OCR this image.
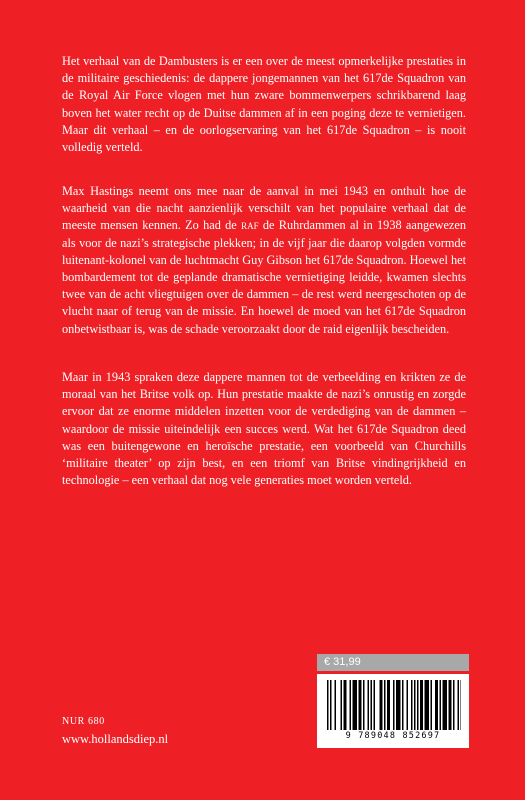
Het verhaal van de Dambusters is er een over de meest opmerkelijke prestaties in de militaire geschiedenis: de dappere jongemannen van het 617de Squadron van de Royal Air Force vlogen met hun zware bommenwerpers schrikbarend laag boven het water recht op de Duitse dammen af in een poging deze te vernietigen. Maar dit verhaal – en de oorlogservaring van het 617de Squadron – is nooit volledig verteld.

Max Hastings neemt ons mee naar de aanval in mei 1943 en onthult hoe de waarheid van die nacht aanzienlijk verschilt van het populaire verhaal dat de meeste mensen kennen. Zo had de raf de Ruhrdammen al in 1938 aangewezen als voor de nazi’s strategische plekken; in de vijf jaar die daarop volgden vormde luitenant-kolonel van de luchtmacht Guy Gibson het 617de Squadron. Hoewel het bombardement tot de geplande dramatische vernietiging leidde, kwamen slechts twee van de acht vliegtuigen over de dammen – de rest werd neergeschoten op de vlucht naar of terug van de missie. En hoewel de moed van het 617de Squadron onbetwistbaar is, was de schade veroorzaakt door de raid eigenlijk bescheiden.

Maar in 1943 spraken deze dappere mannen tot de verbeelding en krikten ze de moraal van het Britse volk op. Hun prestatie maakte de nazi’s onrustig en zorgde ervoor dat ze enorme middelen inzetten voor de verdediging van de dammen – waardoor de missie uiteindelijk een succes werd. Wat het 617de Squadron deed was een buitengewone en heroïsche prestatie, een voorbeeld van Churchills ‘militaire theater’ op zijn best, en een triomf van Britse vindingrijkheid en technologie – een verhaal dat nog vele generaties moet worden verteld.

€ 31,99
9 789048 852697
NUR 680
www.hollandsdiep.nl
